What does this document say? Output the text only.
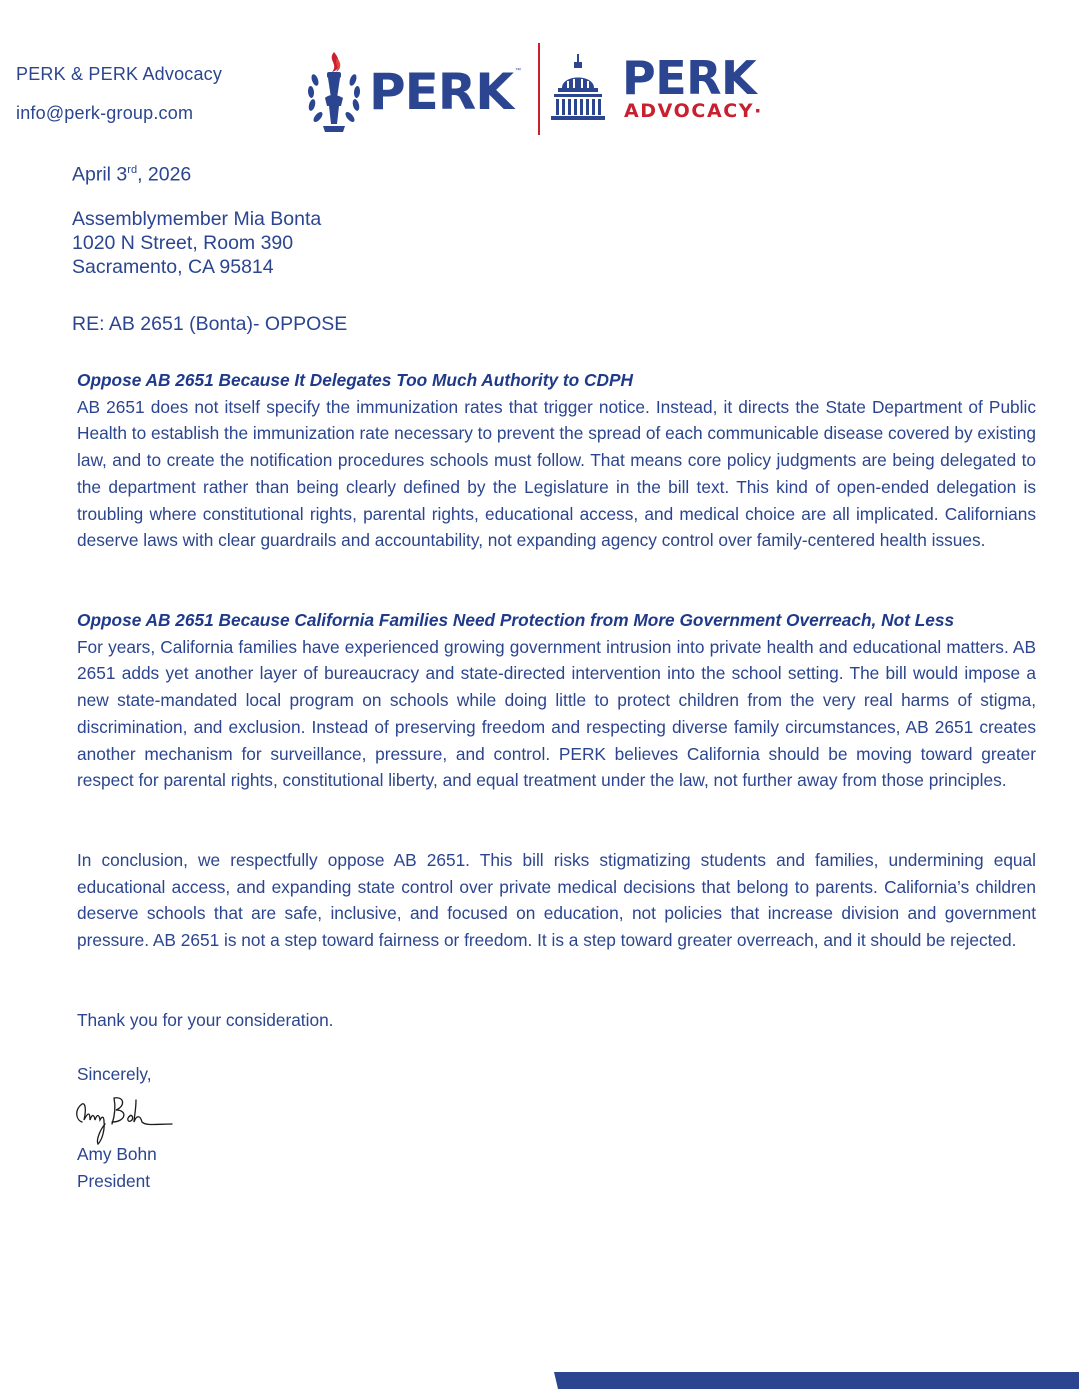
PERK & PERK Advocacy
info@perk-group.com	PERK ™ PERK
ADVOCACY·
April 3rd, 2026
Assemblymember Mia Bonta
1020 N Street, Room 390
Sacramento, CA 95814
RE: AB 2651 (Bonta)- OPPOSE
Oppose AB 2651 Because It Delegates Too Much Authority to CDPH

AB 2651 does not itself specify the immunization rates that trigger notice. Instead, it directs the State Department of Public Health to establish the immunization rate necessary to prevent the spread of each communicable disease covered by existing law, and to create the notification procedures schools must follow. That means core policy judgments are being delegated to the department rather than being clearly defined by the Legislature in the bill text. This kind of open-ended delegation is troubling where constitutional rights, parental rights, educational access, and medical choice are all implicated. Californians deserve laws with clear guardrails and accountability, not expanding agency control over family-centered health issues.

Oppose AB 2651 Because California Families Need Protection from More Government Overreach, Not Less

For years, California families have experienced growing government intrusion into private health and educational matters. AB 2651 adds yet another layer of bureaucracy and state-directed intervention into the school setting. The bill would impose a new state-mandated local program on schools while doing little to protect children from the very real harms of stigma, discrimination, and exclusion. Instead of preserving freedom and respecting diverse family circumstances, AB 2651 creates another mechanism for surveillance, pressure, and control. PERK believes California should be moving toward greater respect for parental rights, constitutional liberty, and equal treatment under the law, not further away from those principles.

In conclusion, we respectfully oppose AB 2651. This bill risks stigmatizing students and families, undermining equal educational access, and expanding state control over private medical decisions that belong to parents. California’s children deserve schools that are safe, inclusive, and focused on education, not policies that increase division and government pressure. AB 2651 is not a step toward fairness or freedom. It is a step toward greater overreach, and it should be rejected.

Thank you for your consideration.
Sincerely,
Amy Bohn
President
